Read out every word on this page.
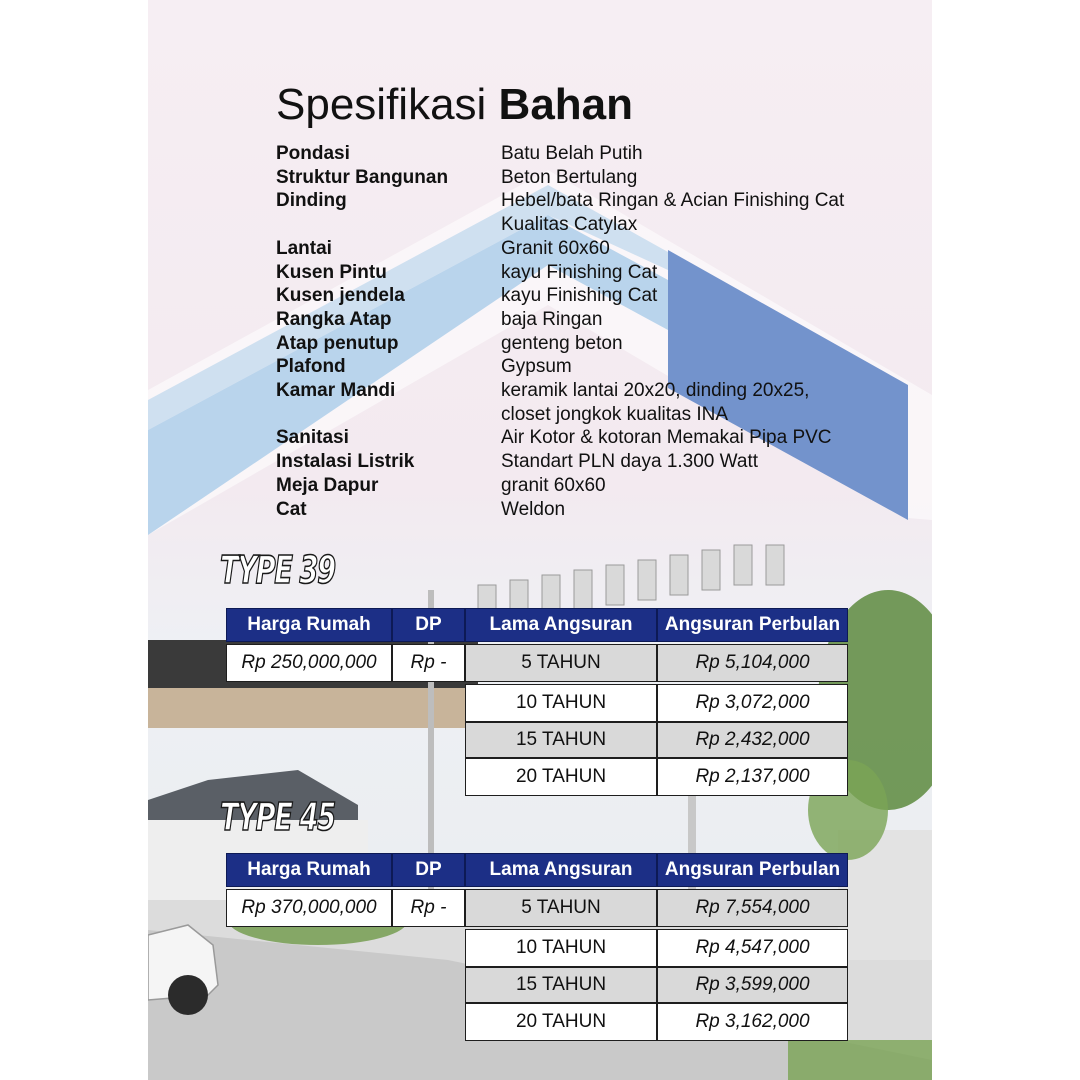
Spesifikasi Bahan
Pondasi	Batu Belah Putih
Struktur Bangunan	Beton Bertulang
Dinding	Hebel/bata Ringan & Acian Finishing Cat
Kualitas Catylax
Lantai	Granit 60x60
Kusen Pintu	kayu Finishing Cat
Kusen jendela	kayu Finishing Cat
Rangka Atap	baja Ringan
Atap penutup	genteng beton
Plafond	Gypsum
Kamar Mandi	keramik lantai 20x20, dinding 20x25,
closet jongkok kualitas INA
Sanitasi	Air Kotor & kotoran Memakai Pipa PVC
Instalasi Listrik	Standart PLN daya 1.300 Watt
Meja Dapur	granit 60x60
Cat	Weldon
TYPE 39
Harga Rumah	DP	Lama Angsuran	Angsuran Perbulan
Rp 250,000,000	Rp -	5 TAHUN	Rp 5,104,000
10 TAHUN	Rp 3,072,000
15 TAHUN	Rp 2,432,000
20 TAHUN	Rp 2,137,000
TYPE 45
Harga Rumah	DP	Lama Angsuran	Angsuran Perbulan
Rp 370,000,000	Rp -	5 TAHUN	Rp 7,554,000
10 TAHUN	Rp 4,547,000
15 TAHUN	Rp 3,599,000
20 TAHUN	Rp 3,162,000
